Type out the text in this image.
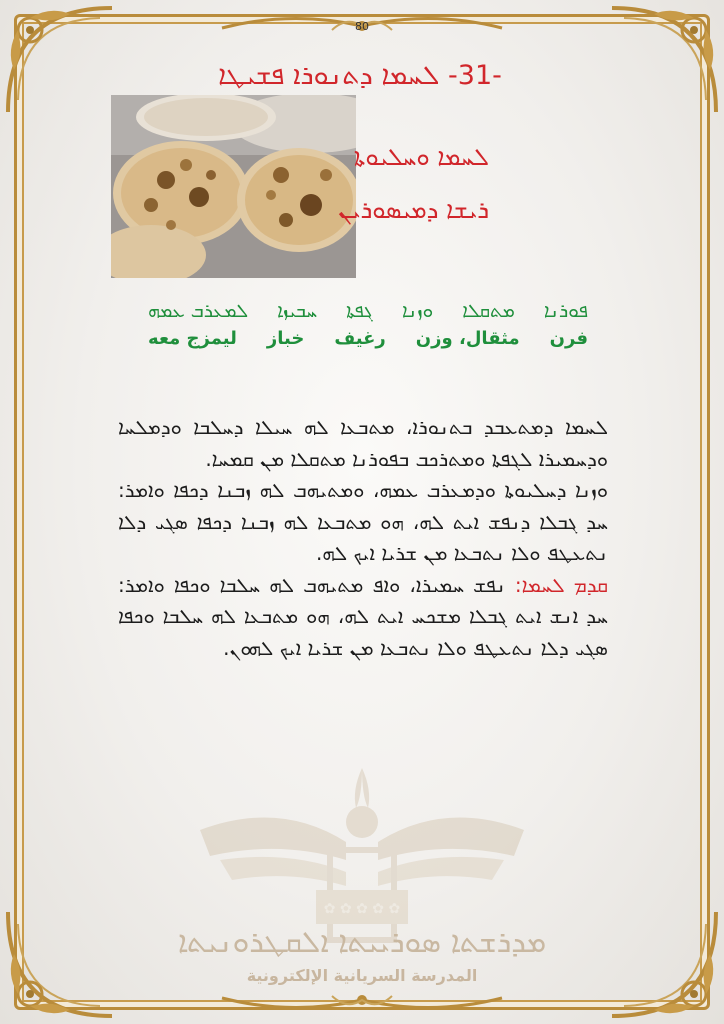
80
-31- ܠܚܡܐ ܕܬܢܘܪܐ ܦܫܝܛܐ
ܠܚܡܐ ܘܚܠܝܘܬܐ
ܪܝܫܐ ܕܡܝܣܘܪܝܢ
ܦܘܪܢܐ
ܡܬܩܠܐ
ܘܙܢܐ
ܓܦܬܐ
ܚܒܝܙܐ
ܠܡܥܪܒ ܥܡܗ
فرن
مثقال، وزن
رغيف
خباز
ليمزج معه

ܠܚܡܐ ܕܡܬܥܒܕ ܒܬܢܘܪܐ، ܡܬܒܥܐ ܠܗ ܚܝܠܐ ܕܚܠܒܐ ܘܕܡܠܚܐ ܘܕܚܡܝܪܐ ܠܓܦܬܐ ܘܡܬܪܟܒ ܒܦܘܪܢܐ ܡܬܩܠܐ ܡܢ ܩܡܚܐ.

ܘܙܢܐ ܕܚܠܝܘܬܐ ܘܕܡܥܪܒ ܥܡܗ، ܘܡܬܝܗܒ ܠܗ ܙܒܢܐ ܕܟܦܐ ܘܐܡܪ: ܚܕ ܓܒܠܐ ܕܢܦܫ ܐܝܬ ܠܗ، ܗܘ ܡܬܒܥܐ ܠܗ ܙܒܢܐ ܕܟܦܐ ܣܓܝ ܕܠܐ ܢܬܥܛܦ ܘܠܐ ܢܬܒܥܐ ܡܢ ܫܪܝܐ ܐܝܟ ܠܗ.

ܩܕܡ ܠܚܡܐ: ܢܦܫ ܚܡܝܪܐ، ܘܐܦ ܡܬܝܗܒ ܠܗ ܚܠܒܐ ܘܟܦܐ ܘܐܡܪ: ܚܕ ܐܢܫ ܐܝܬ ܓܒܠܐ ܡܫܟܚ ܐܝܬ ܠܗ، ܗܘ ܡܬܒܥܐ ܠܗ ܚܠܒܐ ܘܟܦܐ ܣܓܝ ܕܠܐ ܢܬܥܛܦ ܘܠܐ ܢܬܒܥܐ ܡܢ ܫܪܝܐ ܐܝܟ ܠܗܘܢ.

✿ ✿ ✿ ✿ ✿
ܡܕܪܫܬܐ ܣܘܪܝܝܬܐ ܐܠܩܛܪܘܢܝܬܐ
المدرسة السريانية الإلكترونية
